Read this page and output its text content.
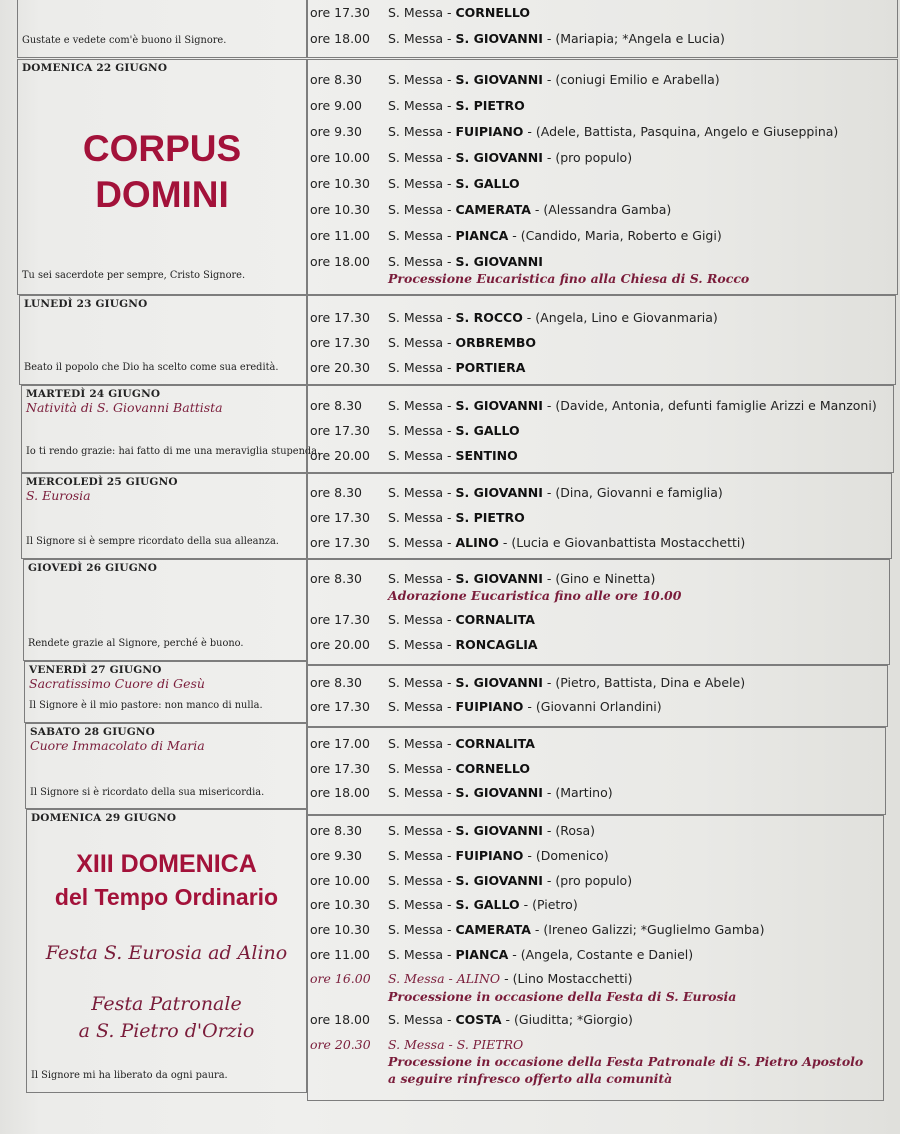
Gustate e vedete com'è buono il Signore.
ore 17.30 S. Messa - CORNELLO
ore 18.00 S. Messa - S. GIOVANNI - (Mariapia; *Angela e Lucia)
DOMENICA 22 GIUGNO
CORPUS
DOMINI
Tu sei sacerdote per sempre, Cristo Signore.
ore 8.30 S. Messa - S. GIOVANNI - (coniugi Emilio e Arabella)
ore 9.00 S. Messa - S. PIETRO
ore 9.30 S. Messa - FUIPIANO - (Adele, Battista, Pasquina, Angelo e Giuseppina)
ore 10.00 S. Messa - S. GIOVANNI - (pro populo)
ore 10.30 S. Messa - S. GALLO
ore 10.30 S. Messa - CAMERATA - (Alessandra Gamba)
ore 11.00 S. Messa - PIANCA - (Candido, Maria, Roberto e Gigi)
ore 18.00 S. Messa - S. GIOVANNI
Processione Eucaristica fino alla Chiesa di S. Rocco
LUNEDÌ 23 GIUGNO
Beato il popolo che Dio ha scelto come sua eredità.
ore 17.30 S. Messa - S. ROCCO - (Angela, Lino e Giovanmaria)
ore 17.30 S. Messa - ORBREMBO
ore 20.30 S. Messa - PORTIERA
MARTEDÌ 24 GIUGNO
Natività di S. Giovanni Battista
Io ti rendo grazie: hai fatto di me una meraviglia stupenda.
ore 8.30 S. Messa - S. GIOVANNI - (Davide, Antonia, defunti famiglie Arizzi e Manzoni)
ore 17.30 S. Messa - S. GALLO
ore 20.00 S. Messa - SENTINO
MERCOLEDÌ 25 GIUGNO
S. Eurosia
Il Signore si è sempre ricordato della sua alleanza.
ore 8.30 S. Messa - S. GIOVANNI - (Dina, Giovanni e famiglia)
ore 17.30 S. Messa - S. PIETRO
ore 17.30 S. Messa - ALINO - (Lucia e Giovanbattista Mostacchetti)
GIOVEDÌ 26 GIUGNO
Rendete grazie al Signore, perché è buono.
ore 8.30 S. Messa - S. GIOVANNI - (Gino e Ninetta)
Adorazione Eucaristica fino alle ore 10.00
ore 17.30 S. Messa - CORNALITA
ore 20.00 S. Messa - RONCAGLIA
VENERDÌ 27 GIUGNO
Sacratissimo Cuore di Gesù
Il Signore è il mio pastore: non manco di nulla.
ore 8.30 S. Messa - S. GIOVANNI - (Pietro, Battista, Dina e Abele)
ore 17.30 S. Messa - FUIPIANO - (Giovanni Orlandini)
SABATO 28 GIUGNO
Cuore Immacolato di Maria
Il Signore si è ricordato della sua misericordia.
ore 17.00 S. Messa - CORNALITA
ore 17.30 S. Messa - CORNELLO
ore 18.00 S. Messa - S. GIOVANNI - (Martino)
DOMENICA 29 GIUGNO
XIII DOMENICA
del Tempo Ordinario
Festa S. Eurosia ad Alino
Festa Patronale
a S. Pietro d'Orzio
Il Signore mi ha liberato da ogni paura.
ore 8.30 S. Messa - S. GIOVANNI - (Rosa)
ore 9.30 S. Messa - FUIPIANO - (Domenico)
ore 10.00 S. Messa - S. GIOVANNI - (pro populo)
ore 10.30 S. Messa - S. GALLO - (Pietro)
ore 10.30 S. Messa - CAMERATA - (Ireneo Galizzi; *Guglielmo Gamba)
ore 11.00 S. Messa - PIANCA - (Angela, Costante e Daniel)
ore 16.00 S. Messa - ALINO - (Lino Mostacchetti)
Processione in occasione della Festa di S. Eurosia
ore 18.00 S. Messa - COSTA - (Giuditta; *Giorgio)
ore 20.30 S. Messa - S. PIETRO
Processione in occasione della Festa Patronale di S. Pietro Apostolo
a seguire rinfresco offerto alla comunità
